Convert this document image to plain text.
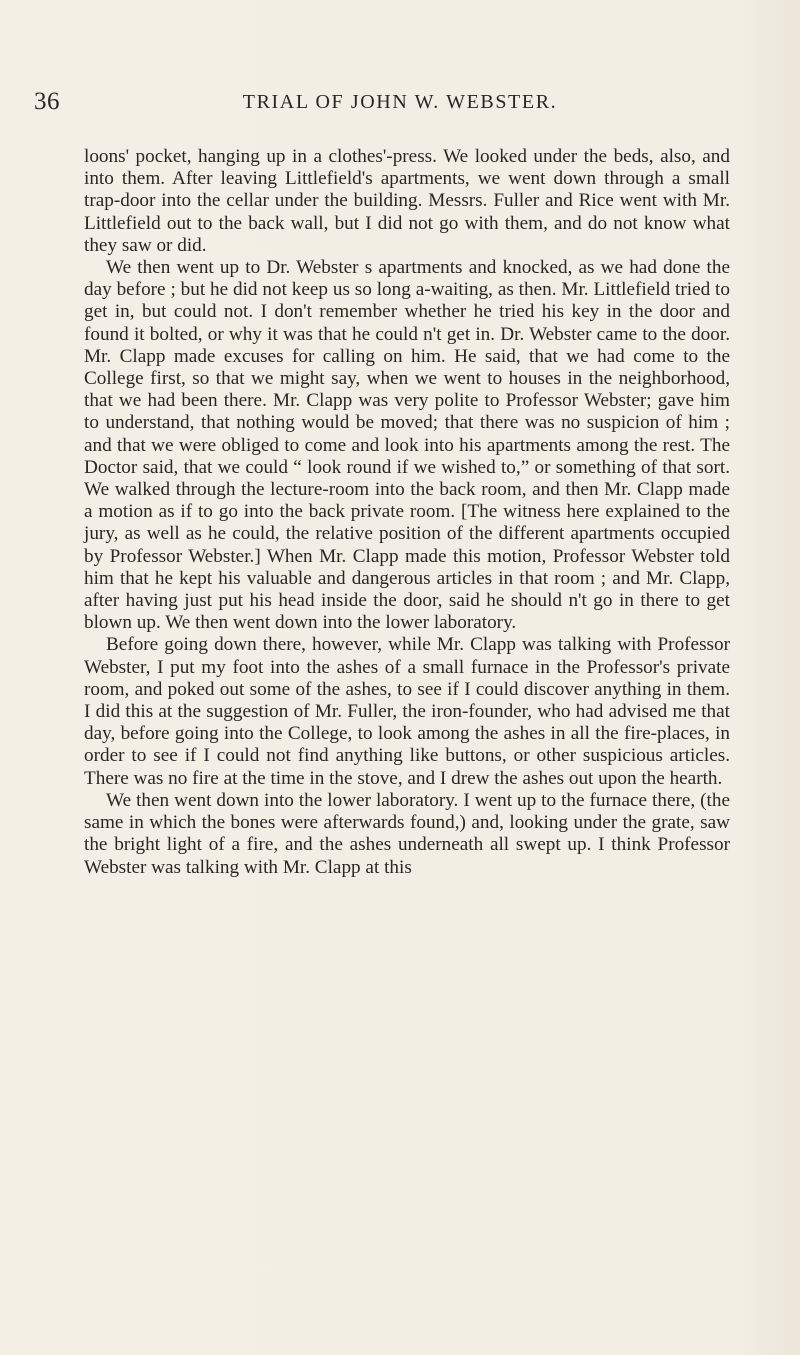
36	TRIAL OF JOHN W. WEBSTER.

loons' pocket, hanging up in a clothes'-press. We looked under the beds, also, and into them. After leaving Littlefield's apartments, we went down through a small trap-door into the cellar under the building. Messrs. Fuller and Rice went with Mr. Littlefield out to the back wall, but I did not go with them, and do not know what they saw or did.

We then went up to Dr. Webster s apartments and knocked, as we had done the day before ; but he did not keep us so long a-waiting, as then. Mr. Littlefield tried to get in, but could not. I don't remember whether he tried his key in the door and found it bolted, or why it was that he could n't get in. Dr. Webster came to the door. Mr. Clapp made excuses for calling on him. He said, that we had come to the College first, so that we might say, when we went to houses in the neighborhood, that we had been there. Mr. Clapp was very polite to Professor Webster; gave him to understand, that nothing would be moved; that there was no suspicion of him ; and that we were obliged to come and look into his apartments among the rest. The Doctor said, that we could “ look round if we wished to,” or something of that sort. We walked through the lecture-room into the back room, and then Mr. Clapp made a motion as if to go into the back private room. [The witness here explained to the jury, as well as he could, the relative position of the different apartments occupied by Professor Webster.] When Mr. Clapp made this motion, Professor Webster told him that he kept his valuable and dangerous articles in that room ; and Mr. Clapp, after having just put his head inside the door, said he should n't go in there to get blown up. We then went down into the lower laboratory.

Before going down there, however, while Mr. Clapp was talking with Professor Webster, I put my foot into the ashes of a small furnace in the Professor's private room, and poked out some of the ashes, to see if I could discover anything in them. I did this at the suggestion of Mr. Fuller, the iron-founder, who had advised me that day, before going into the College, to look among the ashes in all the fire-places, in order to see if I could not find anything like buttons, or other suspicious articles. There was no fire at the time in the stove, and I drew the ashes out upon the hearth.

We then went down into the lower laboratory. I went up to the furnace there, (the same in which the bones were afterwards found,) and, looking under the grate, saw the bright light of a fire, and the ashes underneath all swept up. I think Professor Webster was talking with Mr. Clapp at this
